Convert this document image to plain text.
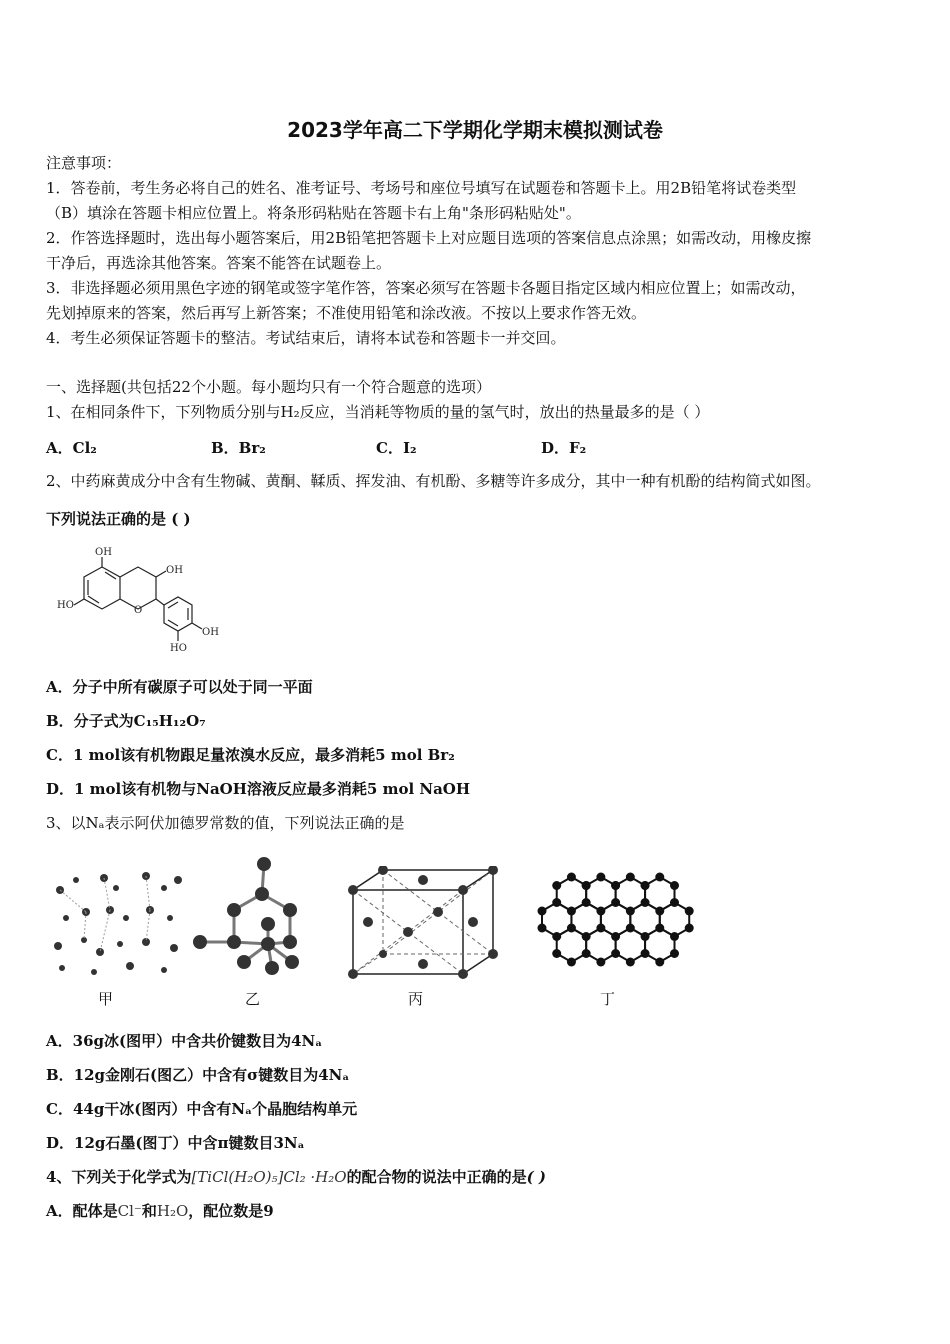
2023学年高二下学期化学期末模拟测试卷
注意事项：
1．答卷前，考生务必将自己的姓名、准考证号、考场号和座位号填写在试题卷和答题卡上。用2B铅笔将试卷类型
（B）填涂在答题卡相应位置上。将条形码粘贴在答题卡右上角"条形码粘贴处"。
2．作答选择题时，选出每小题答案后，用2B铅笔把答题卡上对应题目选项的答案信息点涂黑；如需改动，用橡皮擦
干净后，再选涂其他答案。答案不能答在试题卷上。
3．非选择题必须用黑色字迹的钢笔或签字笔作答，答案必须写在答题卡各题目指定区域内相应位置上；如需改动，
先划掉原来的答案，然后再写上新答案；不准使用铅笔和涂改液。不按以上要求作答无效。
4．考生必须保证答题卡的整洁。考试结束后，请将本试卷和答题卡一并交回。
一、选择题(共包括22个小题。每小题均只有一个符合题意的选项）
1、在相同条件下，下列物质分别与H₂反应，当消耗等物质的量的氢气时，放出的热量最多的是（ ）
A．Cl₂	B．Br₂	C．I₂	D．F₂
2、中药麻黄成分中含有生物碱、黄酮、鞣质、挥发油、有机酚、多糖等许多成分，其中一种有机酚的结构简式如图。
下列说法正确的是 ( )
OH
OH
HO	O
OH
HO
A．分子中所有碳原子可以处于同一平面
B．分子式为C₁₅H₁₂O₇
C．1 mol该有机物跟足量浓溴水反应，最多消耗5 mol Br₂
D．1 mol该有机物与NaOH溶液反应最多消耗5 mol NaOH
3、以Nₐ表示阿伏加德罗常数的值，下列说法正确的是
甲	乙	丙	丁
A．36g冰(图甲）中含共价键数目为4Nₐ
B．12g金刚石(图乙）中含有σ键数目为4Nₐ
C．44g干冰(图丙）中含有Nₐ个晶胞结构单元
D．12g石墨(图丁）中含π键数目3Nₐ
4、下列关于化学式为[TiCl(H₂O)₅]Cl₂ ·H₂O的配合物的说法中正确的是( )
A．配体是Cl⁻和H₂O，配位数是9
